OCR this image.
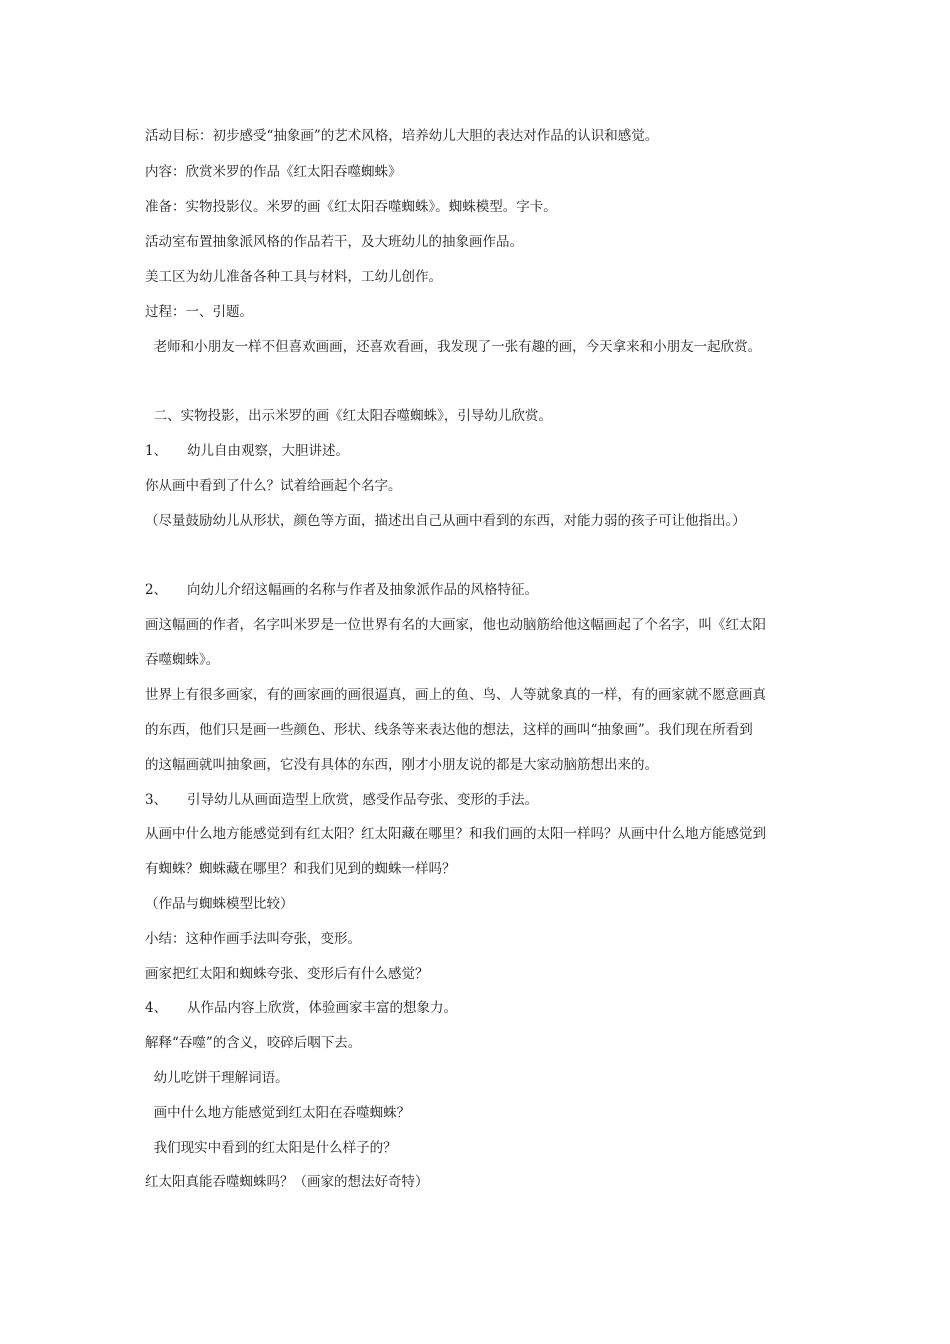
活动目标：初步感受“抽象画”的艺术风格，培养幼儿大胆的表达对作品的认识和感觉。
内容：欣赏米罗的作品《红太阳吞噬蜘蛛》
准备：实物投影仪。米罗的画《红太阳吞噬蜘蛛》。蜘蛛模型。字卡。
活动室布置抽象派风格的作品若干，及大班幼儿的抽象画作品。
美工区为幼儿准备各种工具与材料，工幼儿创作。
过程：一、引题。
老师和小朋友一样不但喜欢画画，还喜欢看画，我发现了一张有趣的画，今天拿来和小朋友一起欣赏。
二、实物投影，出示米罗的画《红太阳吞噬蜘蛛》，引导幼儿欣赏。
1、 幼儿自由观察，大胆讲述。
你从画中看到了什么？试着给画起个名字。
（尽量鼓励幼儿从形状，颜色等方面，描述出自己从画中看到的东西，对能力弱的孩子可让他指出。）
2、 向幼儿介绍这幅画的名称与作者及抽象派作品的风格特征。
画这幅画的作者，名字叫米罗是一位世界有名的大画家，他也动脑筋给他这幅画起了个名字，叫《红太阳
吞噬蜘蛛》。
世界上有很多画家，有的画家画的画很逼真，画上的鱼、鸟、人等就象真的一样，有的画家就不愿意画真
的东西，他们只是画一些颜色、形状、线条等来表达他的想法，这样的画叫“抽象画”。我们现在所看到
的这幅画就叫抽象画，它没有具体的东西，刚才小朋友说的都是大家动脑筋想出来的。
3、 引导幼儿从画面造型上欣赏，感受作品夸张、变形的手法。
从画中什么地方能感觉到有红太阳？红太阳藏在哪里？和我们画的太阳一样吗？从画中什么地方能感觉到
有蜘蛛？蜘蛛藏在哪里？和我们见到的蜘蛛一样吗？
（作品与蜘蛛模型比较）
小结：这种作画手法叫夸张，变形。
画家把红太阳和蜘蛛夸张、变形后有什么感觉？
4、 从作品内容上欣赏，体验画家丰富的想象力。
解释“吞噬”的含义，咬碎后咽下去。
幼儿吃饼干理解词语。
画中什么地方能感觉到红太阳在吞噬蜘蛛？
我们现实中看到的红太阳是什么样子的？
红太阳真能吞噬蜘蛛吗？（画家的想法好奇特）
